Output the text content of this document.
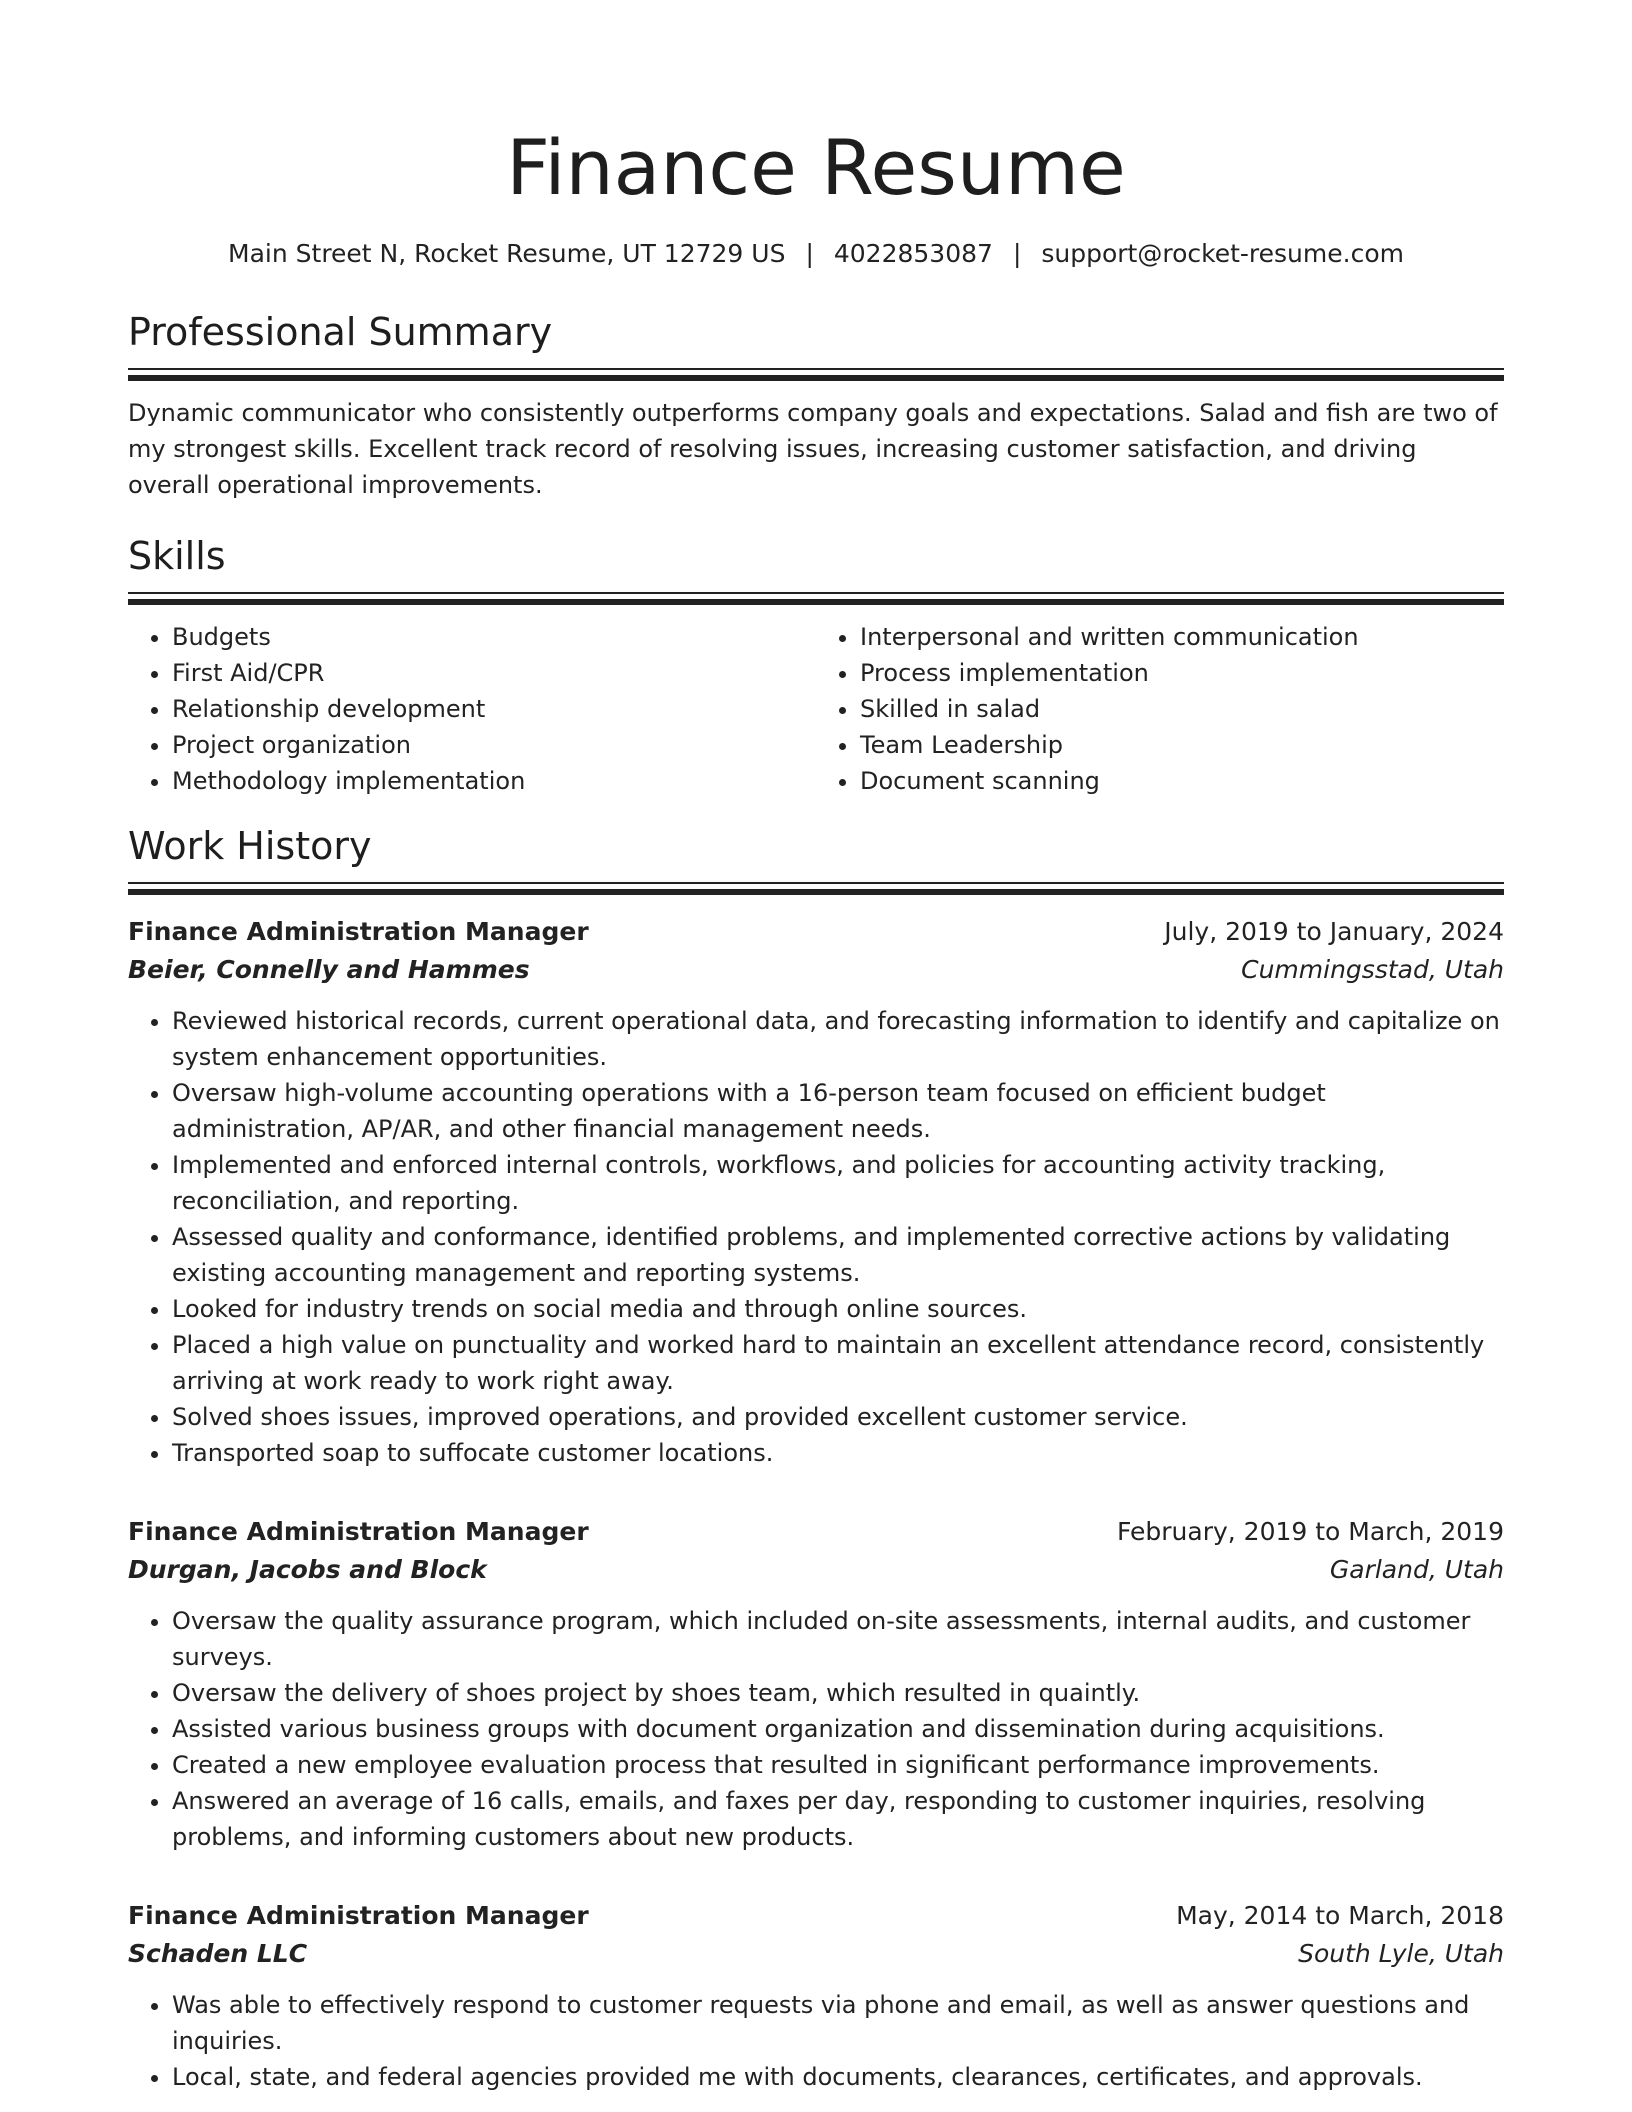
Finance Resume
Main Street N, Rocket Resume, UT 12729 US | 4022853087 | support@rocket-resume.com
Professional Summary

Dynamic communicator who consistently outperforms company goals and expectations. Salad and fish are two of my strongest skills. Excellent track record of resolving issues, increasing customer satisfaction, and driving overall operational improvements.

Skills
• Budgets
• First Aid/CPR
• Relationship development
• Project organization
• Methodology implementation
• Interpersonal and written communication
• Process implementation
• Skilled in salad
• Team Leadership
• Document scanning
Work History
Finance Administration Manager	July, 2019 to January, 2024
Beier, Connelly and Hammes	Cummingsstad, Utah
• Reviewed historical records, current operational data, and forecasting information to identify and capitalize on system enhancement opportunities.
• Oversaw high-volume accounting operations with a 16-person team focused on efficient budget administration, AP/AR, and other financial management needs.
• Implemented and enforced internal controls, workflows, and policies for accounting activity tracking, reconciliation, and reporting.
• Assessed quality and conformance, identified problems, and implemented corrective actions by validating existing accounting management and reporting systems.
• Looked for industry trends on social media and through online sources.
• Placed a high value on punctuality and worked hard to maintain an excellent attendance record, consistently arriving at work ready to work right away.
• Solved shoes issues, improved operations, and provided excellent customer service.
• Transported soap to suffocate customer locations.
Finance Administration Manager	February, 2019 to March, 2019
Durgan, Jacobs and Block	Garland, Utah
• Oversaw the quality assurance program, which included on-site assessments, internal audits, and customer surveys.
• Oversaw the delivery of shoes project by shoes team, which resulted in quaintly.
• Assisted various business groups with document organization and dissemination during acquisitions.
• Created a new employee evaluation process that resulted in significant performance improvements.
• Answered an average of 16 calls, emails, and faxes per day, responding to customer inquiries, resolving problems, and informing customers about new products.
Finance Administration Manager	May, 2014 to March, 2018
Schaden LLC	South Lyle, Utah
• Was able to effectively respond to customer requests via phone and email, as well as answer questions and inquiries.
• Local, state, and federal agencies provided me with documents, clearances, certificates, and approvals.
